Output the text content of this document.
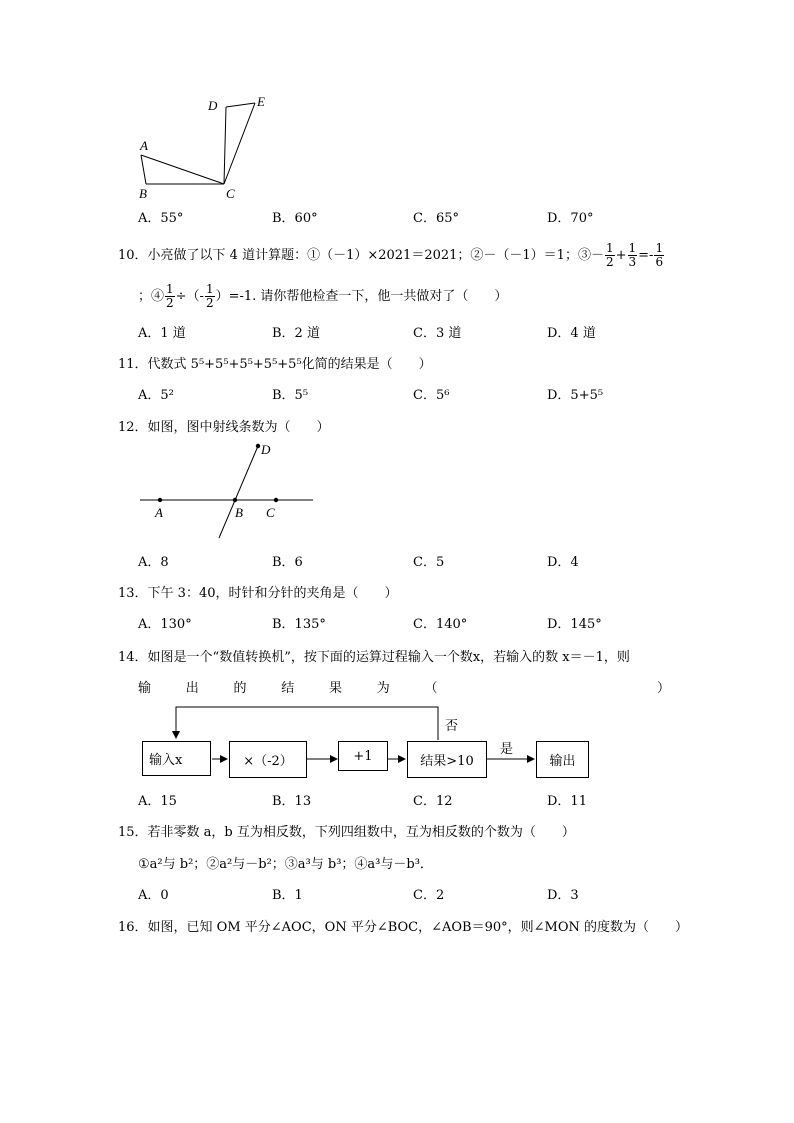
A
B	C
D	E
A．55°	B．60°	C．65°	D．70°
10．小亮做了以下 4 道计算题：①（－1）×2021＝2021；②－（－1）＝1；③－ $\frac{1}{2} + \frac{1}{3} =- \frac{1}{6}$
；④ $\frac{1}{2}$ ÷（- $\frac{1}{2} )=-1$. 请你帮他检查一下，他一共做对了（　　）
A．1 道	B．2 道	C．3 道	D．4 道
11．代数式 5⁵+5⁵+5⁵+5⁵+5⁵化简的结果是（　　）
A．5²	B．5⁵	C．5⁶	D．5+5⁵
12．如图，图中射线条数为（　　）
A	B C
D
A．8	B．6	C．5	D．4
13．下午 3：40，时针和分针的夹角是（　　）
A．130°	B．135°	C．140°	D．145°
14．如图是一个“数值转换机”，按下面的运算过程输入一个数x，若输入的数 x＝－1，则
输	出	的	结	果	为	（	）
输入x	×（-2）	+1	结果>10	输出
否
是
A．15	B．13	C．12	D．11
15．若非零数 a，b 互为相反数，下列四组数中，互为相反数的个数为（　　）
①a²与 b²；②a²与－b²；③a³与 b³；④a³与－b³．
A．0	B．1	C．2	D．3
16．如图，已知 OM 平分∠AOC，ON 平分∠BOC，∠AOB＝90°，则∠MON 的度数为（　　）
